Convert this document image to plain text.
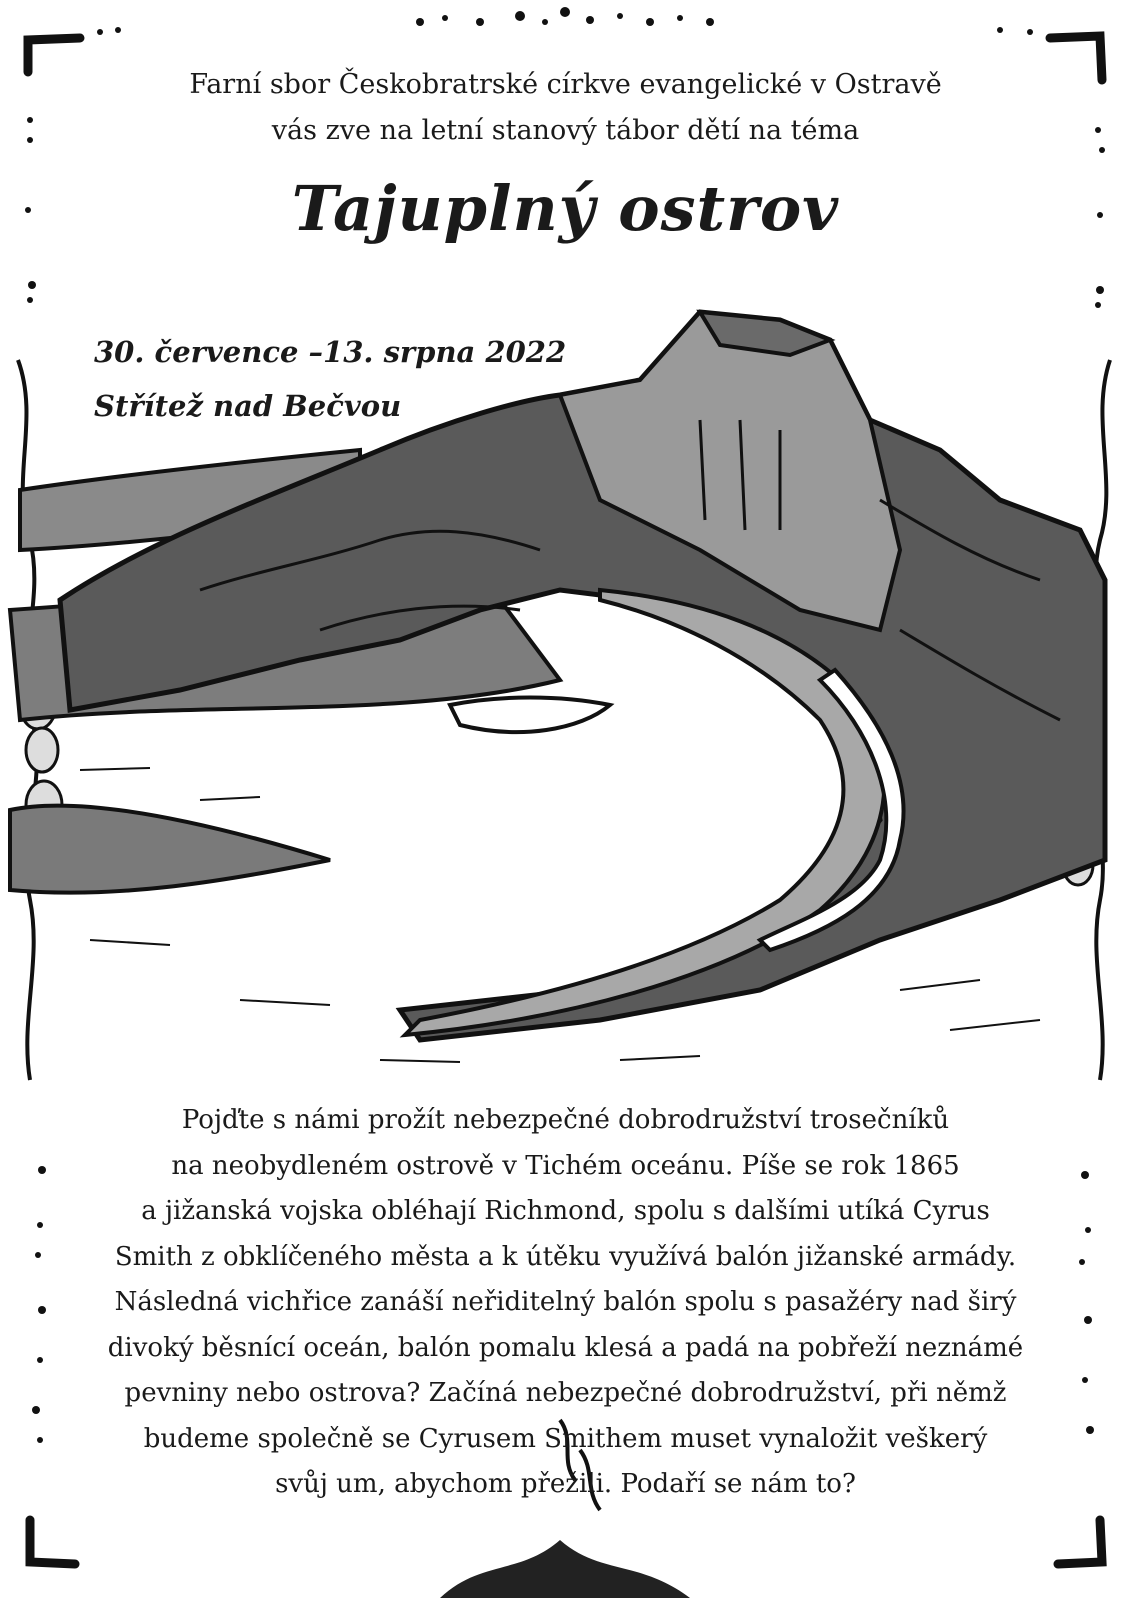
Farní sbor Českobratrské církve evangelické v Ostravě
vás zve na letní stanový tábor dětí na téma
Tajuplný ostrov
30. července –13. srpna 2022
Střítež nad Bečvou
Pojďte s námi prožít nebezpečné dobrodružství trosečníků
na neobydleném ostrově v Tichém oceánu. Píše se rok 1865
a jižanská vojska obléhají Richmond, spolu s dalšími utíká Cyrus
Smith z obklíčeného města a k útěku využívá balón jižanské armády.
Následná vichřice zanáší neřiditelný balón spolu s pasažéry nad širý
divoký běsnící oceán, balón pomalu klesá a padá na pobřeží neznámé
pevniny nebo ostrova? Začíná nebezpečné dobrodružství, při němž
budeme společně se Cyrusem Smithem muset vynaložit veškerý
svůj um, abychom přežili. Podaří se nám to?
